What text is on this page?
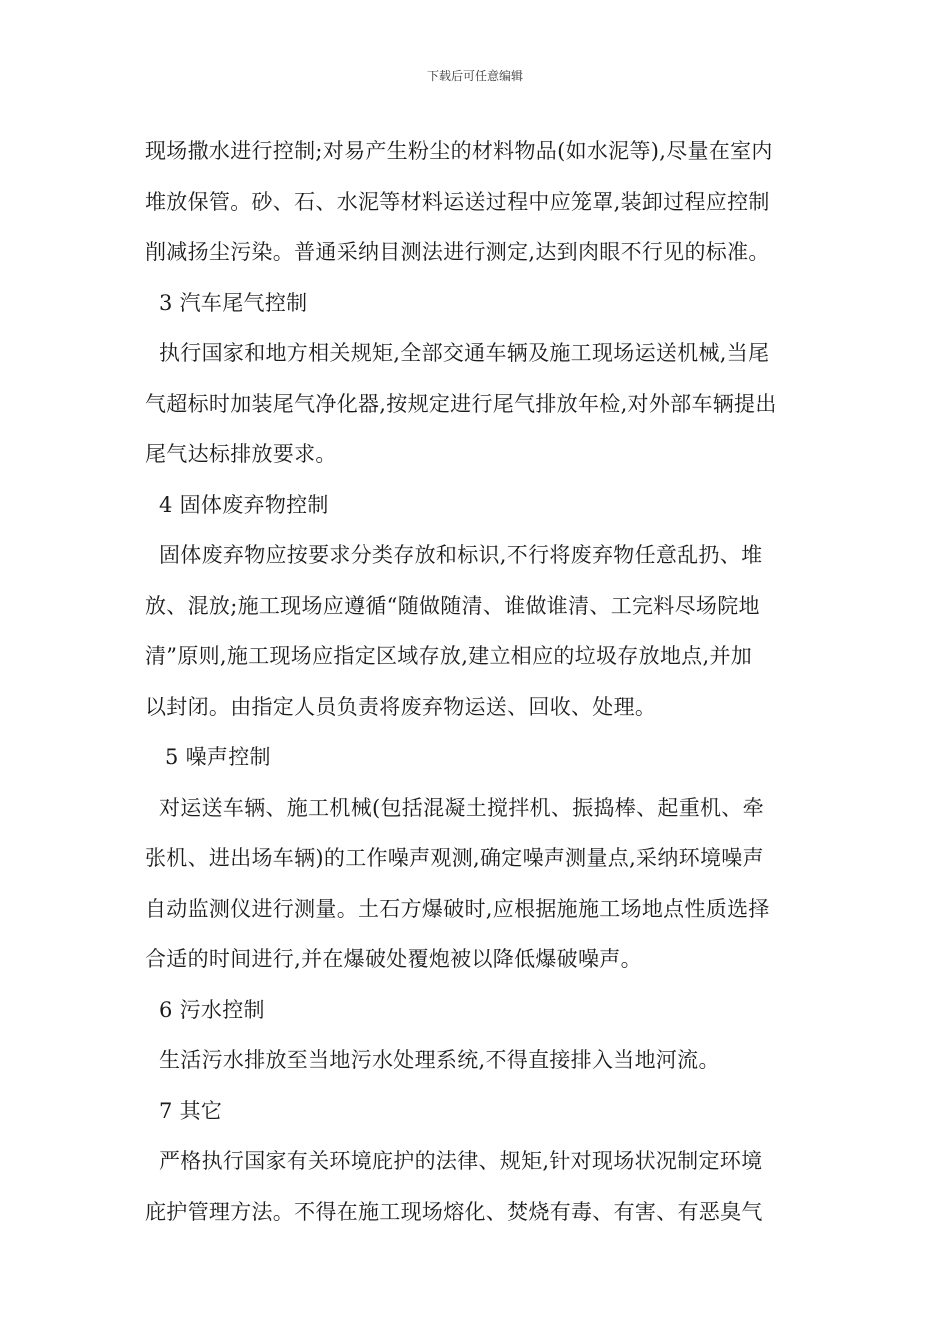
下载后可任意编辑

现场撒水进行控制;对易产生粉尘的材料物品(如水泥等),尽量在室内
堆放保管。砂、石、水泥等材料运送过程中应笼罩,装卸过程应控制
削减扬尘污染。普通采纳目测法进行测定,达到肉眼不行见的标准。

3 汽车尾气控制

执行国家和地方相关规矩,全部交通车辆及施工现场运送机械,当尾
气超标时加装尾气净化器,按规定进行尾气排放年检,对外部车辆提出
尾气达标排放要求。

4 固体废弃物控制

固体废弃物应按要求分类存放和标识,不行将废弃物任意乱扔、堆
放、混放;施工现场应遵循“随做随清、谁做谁清、工完料尽场院地
清”原则,施工现场应指定区域存放,建立相应的垃圾存放地点,并加
以封闭。由指定人员负责将废弃物运送、回收、处理。

5 噪声控制

对运送车辆、施工机械(包括混凝土搅拌机、振捣棒、起重机、牵
张机、进出场车辆)的工作噪声观测,确定噪声测量点,采纳环境噪声
自动监测仪进行测量。土石方爆破时,应根据施施工场地点性质选择
合适的时间进行,并在爆破处覆炮被以降低爆破噪声。

6 污水控制

生活污水排放至当地污水处理系统,不得直接排入当地河流。

7 其它

严格执行国家有关环境庇护的法律、规矩,针对现场状况制定环境
庇护管理方法。不得在施工现场熔化、焚烧有毒、有害、有恶臭气
